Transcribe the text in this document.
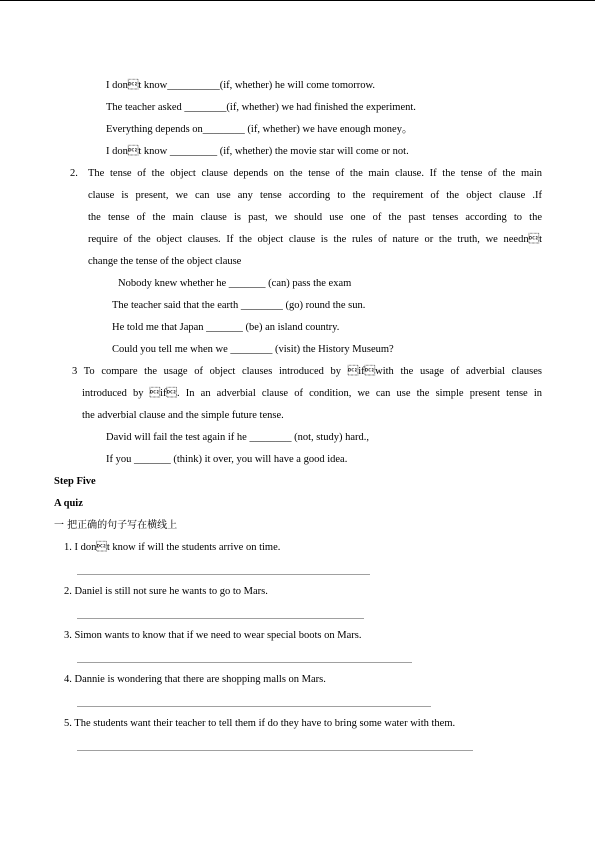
I dont know__________(if, whether) he will come tomorrow.
The teacher asked ________(if, whether) we had finished the experiment.
Everything depends on________ (if, whether) we have enough money。
I dont know _________ (if, whether) the movie star will come or not.
2. The tense of the object clause depends on the tense of the main clause. If the tense of the main
clause is present, we can use any tense according to the requirement of the object clause .If
the tense of the main clause is past, we should use one of the past tenses according to the
require of the object clauses. If the object clause is the rules of nature or the truth, we neednt
change the tense of the object clause
Nobody knew whether he _______ (can) pass the exam
The teacher said that the earth ________ (go) round the sun.
He told me that Japan _______ (be) an island country.
Could you tell me when we ________ (visit) the History Museum?
3 To compare the usage of object clauses introduced by ifwith the usage of adverbial clauses
introduced by if. In an adverbial clause of condition, we can use the simple present tense in
the adverbial clause and the simple future tense.
David will fail the test again if he ________ (not, study) hard.,
If you _______ (think) it over, you will have a good idea.
Step Five
A quiz
一 把正确的句子写在横线上
1. I dont know if will the students arrive on time.
2. Daniel is still not sure he wants to go to Mars.
3. Simon wants to know that if we need to wear special boots on Mars.
4. Dannie is wondering that there are shopping malls on Mars.
5. The students want their teacher to tell them if do they have to bring some water with them.
